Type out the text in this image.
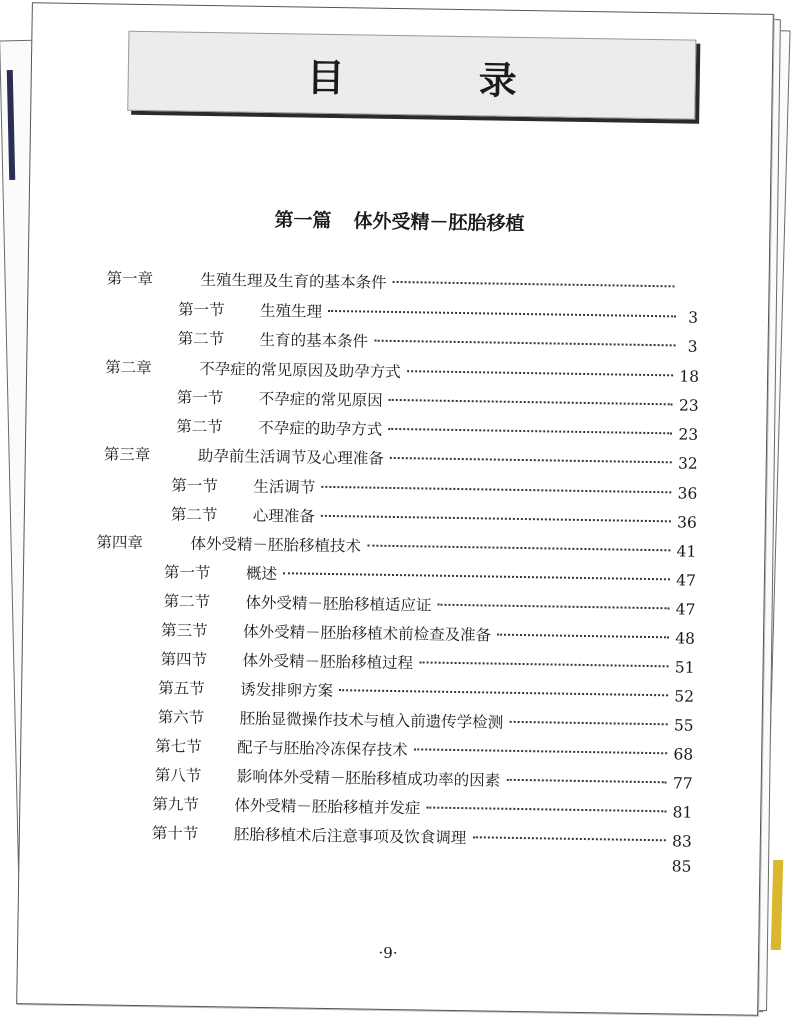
目　录
第一篇 体外受精－胚胎移植
第一章	生殖生理及生育的基本条件
第一节	生殖生理	3
第二节	生育的基本条件	3
第二章	不孕症的常见原因及助孕方式	18
第一节	不孕症的常见原因	23
第二节	不孕症的助孕方式	23
第三章	助孕前生活调节及心理准备	32
第一节	生活调节	36
第二节	心理准备	36
第四章	体外受精－胚胎移植技术	41
第一节	概述	47
第二节	体外受精－胚胎移植适应证	47
第三节	体外受精－胚胎移植术前检查及准备	48
第四节	体外受精－胚胎移植过程	51
第五节	诱发排卵方案	52
第六节	胚胎显微操作技术与植入前遗传学检测	55
第七节	配子与胚胎冷冻保存技术	68
第八节	影响体外受精－胚胎移植成功率的因素	77
第九节	体外受精－胚胎移植并发症	81
第十节	胚胎移植术后注意事项及饮食调理	83
85
·9·
